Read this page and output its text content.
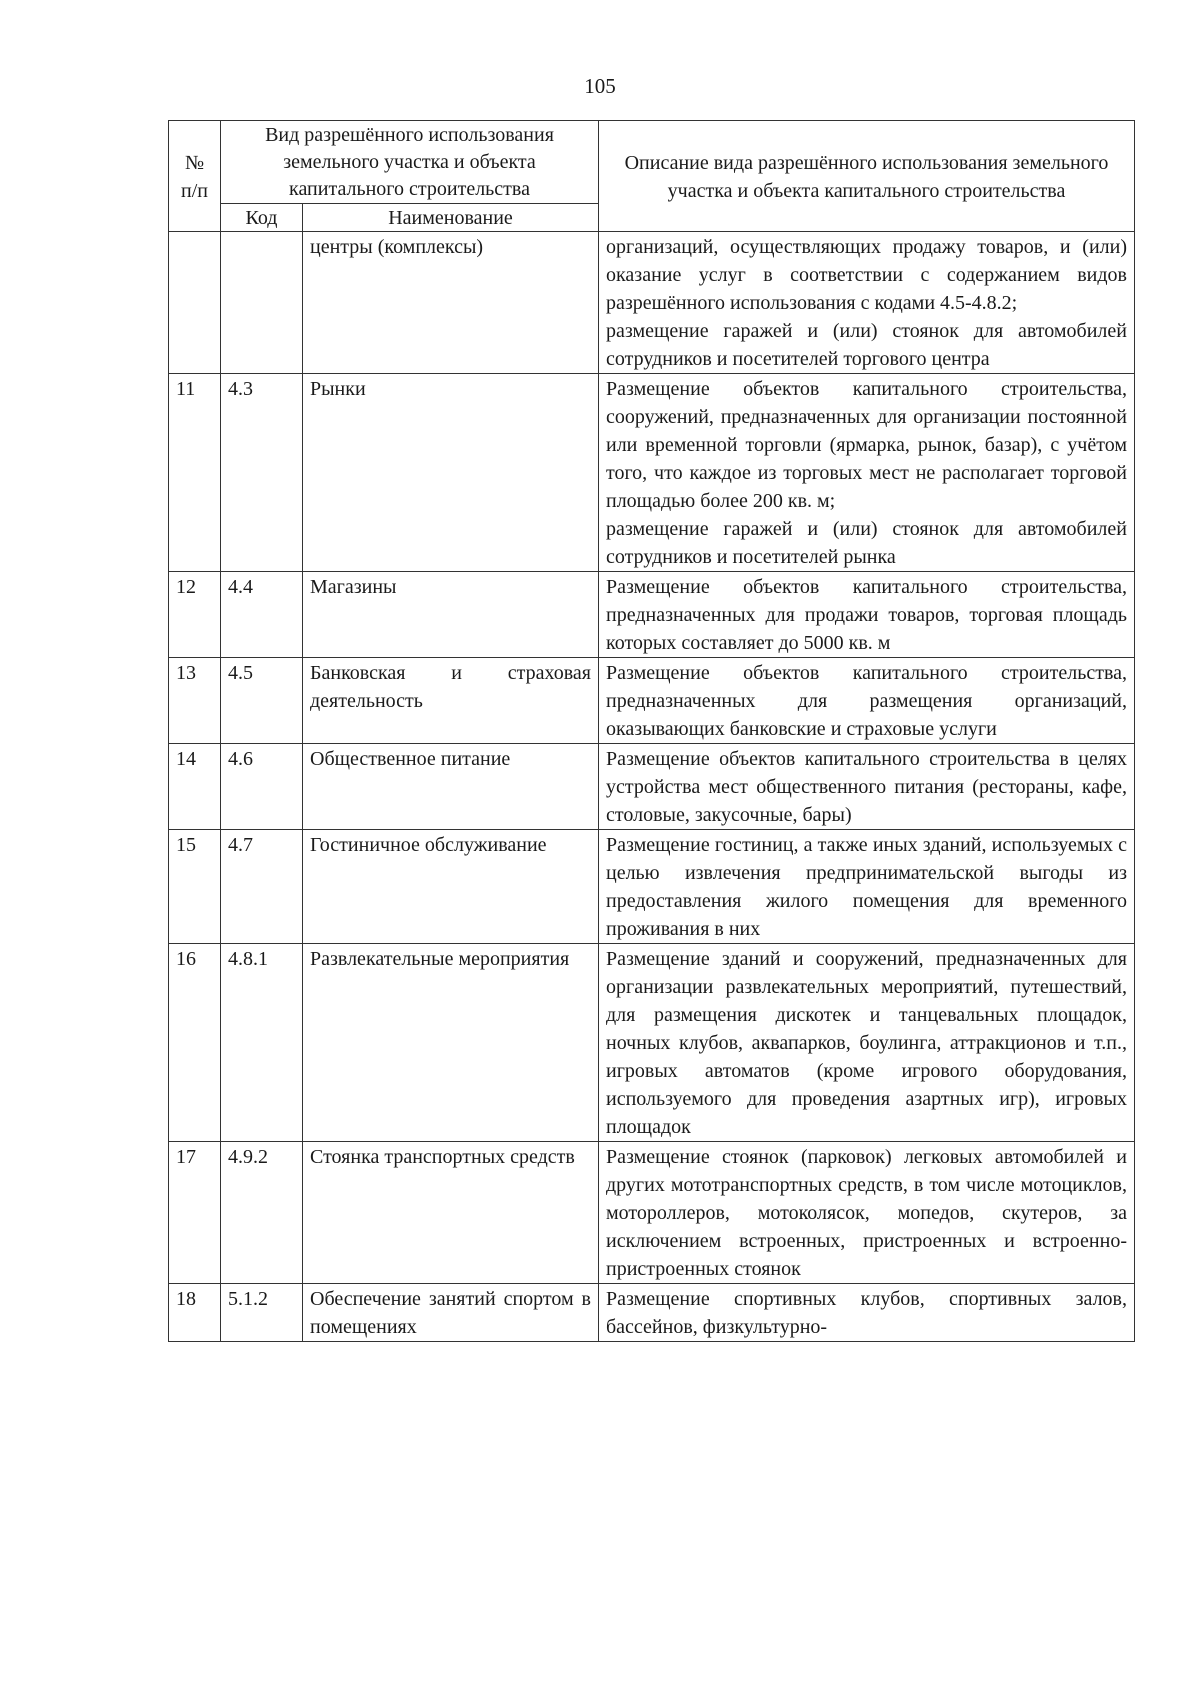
105
№ п/п	Вид разрешённого использования земельного участка и объекта капитального строительства		Описание вида разрешённого использования земельного участка и объекта капитального строительства
	Код	Наименование	
		центры (комплексы)	организаций, осуществляющих продажу товаров, и (или) оказание услуг в соответствии с содержанием видов разрешённого использования с кодами 4.5-4.8.2;
размещение гаражей и (или) стоянок для автомобилей сотрудников и посетителей торгового центра
11	4.3	Рынки	Размещение объектов капитального строительства, сооружений, предназначенных для организации постоянной или временной торговли (ярмарка, рынок, базар), с учётом того, что каждое из торговых мест не располагает торговой площадью более 200 кв. м;
размещение гаражей и (или) стоянок для автомобилей сотрудников и посетителей рынка
12	4.4	Магазины	Размещение объектов капитального строительства, предназначенных для продажи товаров, торговая площадь которых составляет до 5000 кв. м
13	4.5	Банковская и страховая деятельность	Размещение объектов капитального строительства, предназначенных для размещения организаций, оказывающих банковские и страховые услуги
14	4.6	Общественное питание	Размещение объектов капитального строительства в целях устройства мест общественного питания (рестораны, кафе, столовые, закусочные, бары)
15	4.7	Гостиничное обслуживание	Размещение гостиниц, а также иных зданий, используемых с целью извлечения предпринимательской выгоды из предоставления жилого помещения для временного проживания в них
16	4.8.1	Развлекательные мероприятия	Размещение зданий и сооружений, предназначенных для организации развлекательных мероприятий, путешествий, для размещения дискотек и танцевальных площадок, ночных клубов, аквапарков, боулинга, аттракционов и т.п., игровых автоматов (кроме игрового оборудования, используемого для проведения азартных игр), игровых площадок
17	4.9.2	Стоянка транспортных средств	Размещение стоянок (парковок) легковых автомобилей и других мототранспортных средств, в том числе мотоциклов, мотороллеров, мотоколясок, мопедов, скутеров, за исключением встроенных, пристроенных и встроенно-пристроенных стоянок
18	5.1.2	Обеспечение занятий спортом в помещениях	Размещение спортивных клубов, спортивных залов, бассейнов, физкультурно-
